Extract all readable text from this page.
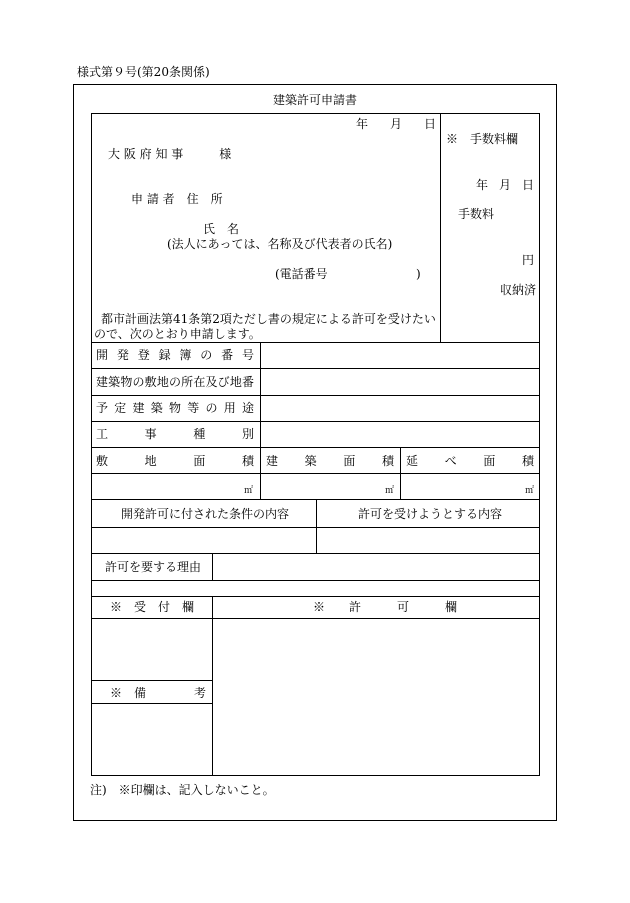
様式第９号(第20条関係)
建築許可申請書
年 月 日
大 阪 府 知 事　　　様
申 請 者　住　所
氏　名
(法人にあっては、名称及び代表者の氏名)
(電話番号	)
都市計画法第41条第2項ただし書の規定による許可を受けたい
ので、次のとおり申請します。
※　手数料欄
年 月 日
手数料
円
収納済
開発登録簿の番号
建築物の敷地の所在及び地番
予定建築物等の用途
工事種別
敷地面積 建築面積 延べ面積
㎡	㎡	㎡
開発許可に付された条件の内容	許可を受けようとする内容
許可を要する理由
※　受　付　欄	※　　許　　　可　　　欄
※　備　　　　考
注)　※印欄は、記入しないこと。
